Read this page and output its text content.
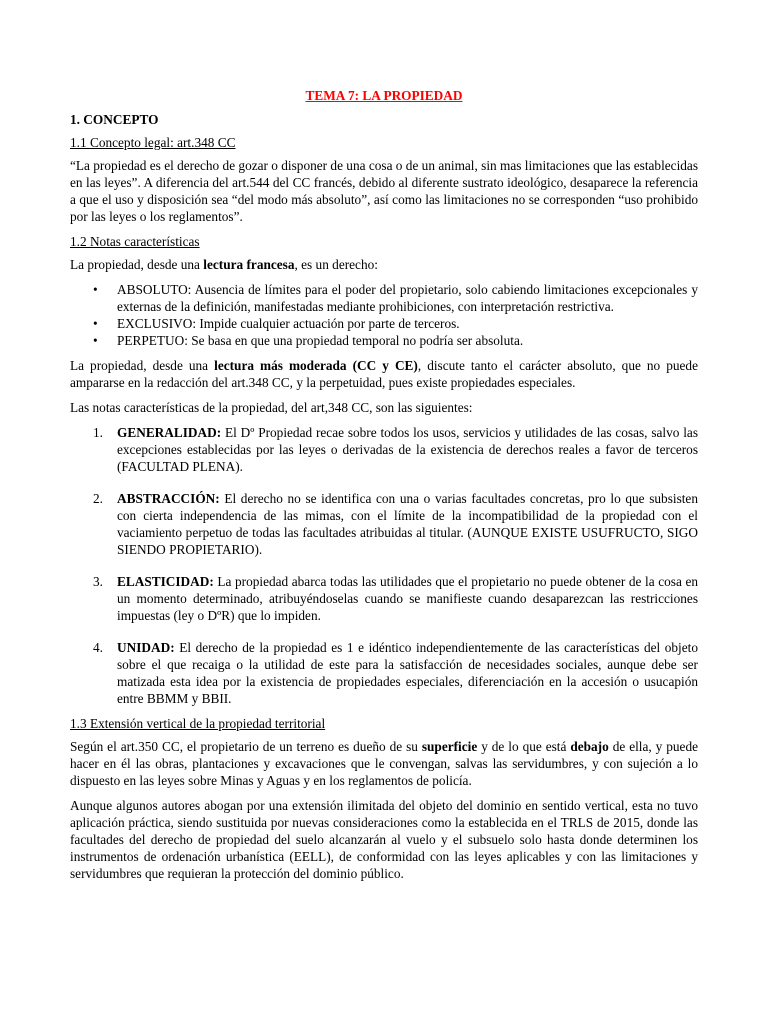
TEMA 7: LA PROPIEDAD
1. CONCEPTO
1.1 Concepto legal: art.348 CC

“La propiedad es el derecho de gozar o disponer de una cosa o de un animal, sin mas limitaciones que las establecidas en las leyes”. A diferencia del art.544 del CC francés, debido al diferente sustrato ideológico, desaparece la referencia a que el uso y disposición sea “del modo más absoluto”, así como las limitaciones no se corresponden “uso prohibido por las leyes o los reglamentos”.

1.2 Notas características

La propiedad, desde una lectura francesa, es un derecho:

• ABSOLUTO: Ausencia de límites para el poder del propietario, solo cabiendo limitaciones excepcionales y externas de la definición, manifestadas mediante prohibiciones, con interpretación restrictiva.
• EXCLUSIVO: Impide cualquier actuación por parte de terceros.
• PERPETUO: Se basa en que una propiedad temporal no podría ser absoluta.

La propiedad, desde una lectura más moderada (CC y CE), discute tanto el carácter absoluto, que no puede ampararse en la redacción del art.348 CC, y la perpetuidad, pues existe propiedades especiales.

Las notas características de la propiedad, del art,348 CC, son las siguientes:

1. GENERALIDAD: El Dº Propiedad recae sobre todos los usos, servicios y utilidades de las cosas, salvo las excepciones establecidas por las leyes o derivadas de la existencia de derechos reales a favor de terceros (FACULTAD PLENA).
2. ABSTRACCIÓN: El derecho no se identifica con una o varias facultades concretas, pro lo que subsisten con cierta independencia de las mimas, con el límite de la incompatibilidad de la propiedad con el vaciamiento perpetuo de todas las facultades atribuidas al titular. (AUNQUE EXISTE USUFRUCTO, SIGO SIENDO PROPIETARIO).
3. ELASTICIDAD: La propiedad abarca todas las utilidades que el propietario no puede obtener de la cosa en un momento determinado, atribuyéndoselas cuando se manifieste cuando desaparezcan las restricciones impuestas (ley o DºR) que lo impiden.
4. UNIDAD: El derecho de la propiedad es 1 e idéntico independientemente de las características del objeto sobre el que recaiga o la utilidad de este para la satisfacción de necesidades sociales, aunque debe ser matizada esta idea por la existencia de propiedades especiales, diferenciación en la accesión o usucapión entre BBMM y BBII.
1.3 Extensión vertical de la propiedad territorial

Según el art.350 CC, el propietario de un terreno es dueño de su superficie y de lo que está debajo de ella, y puede hacer en él las obras, plantaciones y excavaciones que le convengan, salvas las servidumbres, y con sujeción a lo dispuesto en las leyes sobre Minas y Aguas y en los reglamentos de policía.

Aunque algunos autores abogan por una extensión ilimitada del objeto del dominio en sentido vertical, esta no tuvo aplicación práctica, siendo sustituida por nuevas consideraciones como la establecida en el TRLS de 2015, donde las facultades del derecho de propiedad del suelo alcanzarán al vuelo y el subsuelo solo hasta donde determinen los instrumentos de ordenación urbanística (EELL), de conformidad con las leyes aplicables y con las limitaciones y servidumbres que requieran la protección del dominio público.
